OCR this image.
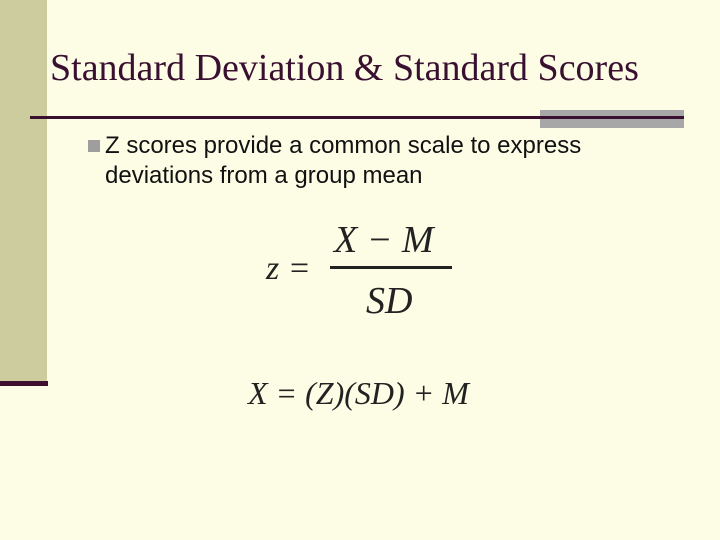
Standard Deviation & Standard Scores
Z scores provide a common scale to express deviations from a group mean
z =
X − M
SD
X = (Z)(SD) + M
